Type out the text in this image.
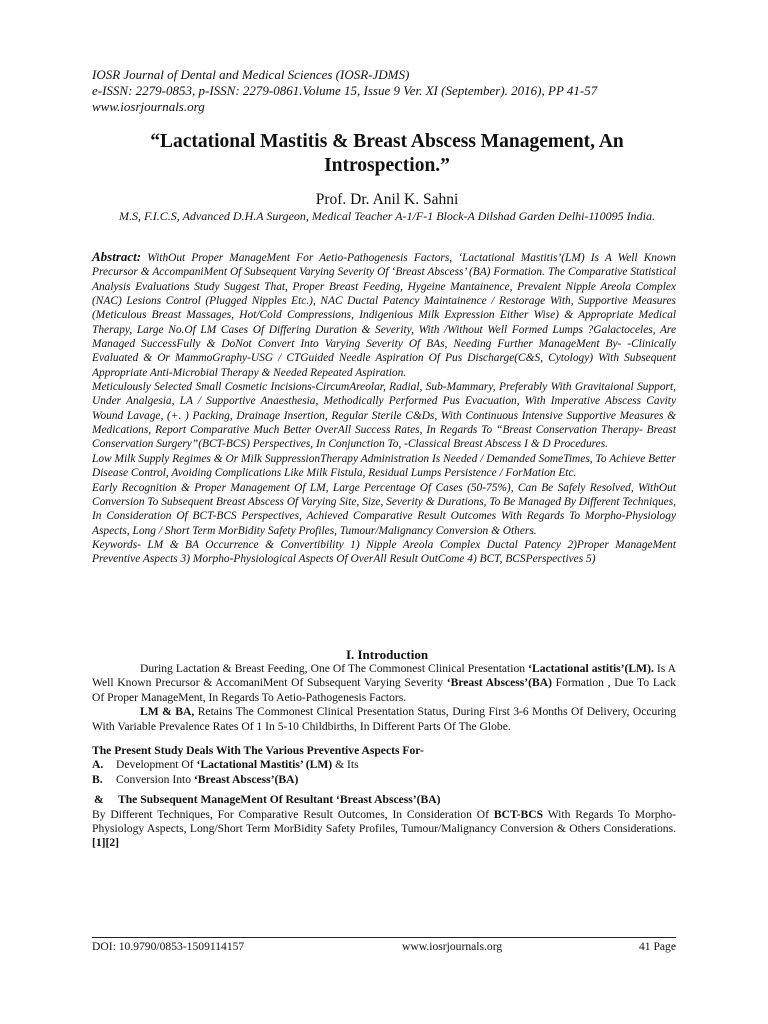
IOSR Journal of Dental and Medical Sciences (IOSR-JDMS)
e-ISSN: 2279-0853, p-ISSN: 2279-0861.Volume 15, Issue 9 Ver. XI (September). 2016), PP 41-57
www.iosrjournals.org
“Lactational Mastitis & Breast Abscess Management, An Introspection.”
Prof. Dr. Anil K. Sahni
M.S, F.I.C.S, Advanced D.H.A Surgeon, Medical Teacher A-1/F-1 Block-A Dilshad Garden Delhi-110095 India.

Abstract: WithOut Proper ManageMent For Aetio-Pathogenesis Factors, ‘Lactational Mastitis’(LM) Is A Well Known Precursor & AccompaniMent Of Subsequent Varying Severity Of ‘Breast Abscess’ (BA) Formation. The Comparative Statistical Analysis Evaluations Study Suggest That, Proper Breast Feeding, Hygeine Mantainence, Prevalent Nipple Areola Complex (NAC) Lesions Control (Plugged Nipples Etc.), NAC Ductal Patency Maintainence / Restorage With, Supportive Measures (Meticulous Breast Massages, Hot/Cold Compressions, Indigenious Milk Expression Either Wise) & Appropriate Medical Therapy, Large No.Of LM Cases Of Differing Duration & Severity, With /Without Well Formed Lumps ?Galactoceles, Are Managed SuccessFully & DoNot Convert Into Varying Severity Of BAs, Needing Further ManageMent By- -Clinically Evaluated & Or MammoGraphy-USG / CTGuided Needle Aspiration Of Pus Discharge(C&S, Cytology) With Subsequent Appropriate Anti-Microbial Therapy & Needed Repeated Aspiration.

Meticulously Selected Small Cosmetic Incisions-CircumAreolar, Radial, Sub-Mammary, Preferably With Gravitaional Support, Under Analgesia, LA / Supportive Anaesthesia, Methodically Performed Pus Evacuation, With Imperative Abscess Cavity Wound Lavage, (+. ) Packing, Drainage Insertion, Regular Sterile C&Ds, With Continuous Intensive Supportive Measures & Medications, Report Comparative Much Better OverAll Success Rates, In Regards To “Breast Conservation Therapy- Breast Conservation Surgery”(BCT-BCS) Perspectives, In Conjunction To, -Classical Breast Abscess I & D Procedures.

Low Milk Supply Regimes & Or Milk SuppressionTherapy Administration Is Needed / Demanded SomeTimes, To Achieve Better Disease Control, Avoiding Complications Like Milk Fistula, Residual Lumps Persistence / ForMation Etc.

Early Recognition & Proper Management Of LM, Large Percentage Of Cases (50-75%), Can Be Safely Resolved, WithOut Conversion To Subsequent Breast Abscess Of Varying Site, Size, Severity & Durations, To Be Managed By Different Techniques, In Consideration Of BCT-BCS Perspectives, Achieved Comparative Result Outcomes With Regards To Morpho-Physiology Aspects, Long / Short Term MorBidity Safety Profiles, Tumour/Malignancy Conversion & Others.

Keywords- LM & BA Occurrence & Convertibility 1) Nipple Areola Complex Ductal Patency 2)Proper ManageMent Preventive Aspects 3) Morpho-Physiological Aspects Of OverAll Result OutCome 4) BCT, BCSPerspectives 5)

I. Introduction

During Lactation & Breast Feeding, One Of The Commonest Clinical Presentation ‘Lactational astitis’(LM). Is A Well Known Precursor & AccomaniMent Of Subsequent Varying Severity ‘Breast Abscess’(BA) Formation , Due To Lack Of Proper ManageMent, In Regards To Aetio-Pathogenesis Factors.

LM & BA, Retains The Commonest Clinical Presentation Status, During First 3-6 Months Of Delivery, Occuring With Variable Prevalence Rates Of 1 In 5-10 Childbirths, In Different Parts Of The Globe.

The Present Study Deals With The Various Preventive Aspects For-

A. Development Of ‘Lactational Mastitis’ (LM) & Its

B. Conversion Into ‘Breast Abscess’(BA)

& The Subsequent ManageMent Of Resultant ‘Breast Abscess’(BA)

By Different Techniques, For Comparative Result Outcomes, In Consideration Of BCT-BCS With Regards To Morpho-Physiology Aspects, Long/Short Term MorBidity Safety Profiles, Tumour/Malignancy Conversion & Others Considerations. [1][2]

DOI: 10.9790/0853-1509114157	www.iosrjournals.org	41 Page
